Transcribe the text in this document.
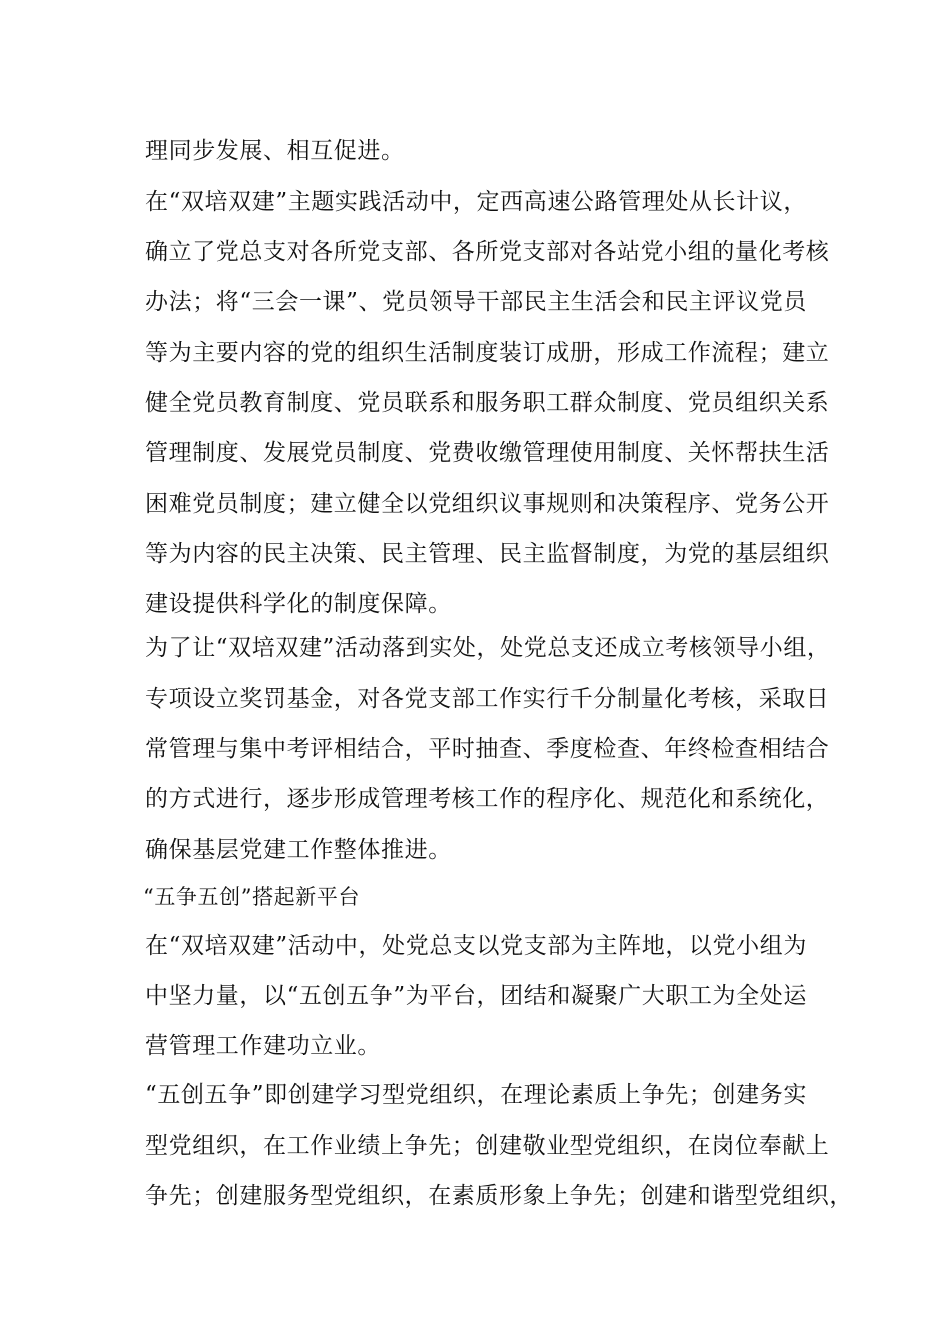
理同步发展、相互促进。
在“双培双建”主题实践活动中，定西高速公路管理处从长计议，
确立了党总支对各所党支部、各所党支部对各站党小组的量化考核
办法；将“三会一课”、党员领导干部民主生活会和民主评议党员
等为主要内容的党的组织生活制度装订成册，形成工作流程；建立
健全党员教育制度、党员联系和服务职工群众制度、党员组织关系
管理制度、发展党员制度、党费收缴管理使用制度、关怀帮扶生活
困难党员制度；建立健全以党组织议事规则和决策程序、党务公开
等为内容的民主决策、民主管理、民主监督制度，为党的基层组织
建设提供科学化的制度保障。
为了让“双培双建”活动落到实处，处党总支还成立考核领导小组，
专项设立奖罚基金，对各党支部工作实行千分制量化考核，采取日
常管理与集中考评相结合，平时抽查、季度检查、年终检查相结合
的方式进行，逐步形成管理考核工作的程序化、规范化和系统化，
确保基层党建工作整体推进。
“五争五创”搭起新平台
在“双培双建”活动中，处党总支以党支部为主阵地，以党小组为
中坚力量，以“五创五争”为平台，团结和凝聚广大职工为全处运
营管理工作建功立业。
“五创五争”即创建学习型党组织，在理论素质上争先；创建务实
型党组织，在工作业绩上争先；创建敬业型党组织，在岗位奉献上
争先；创建服务型党组织，在素质形象上争先；创建和谐型党组织，
